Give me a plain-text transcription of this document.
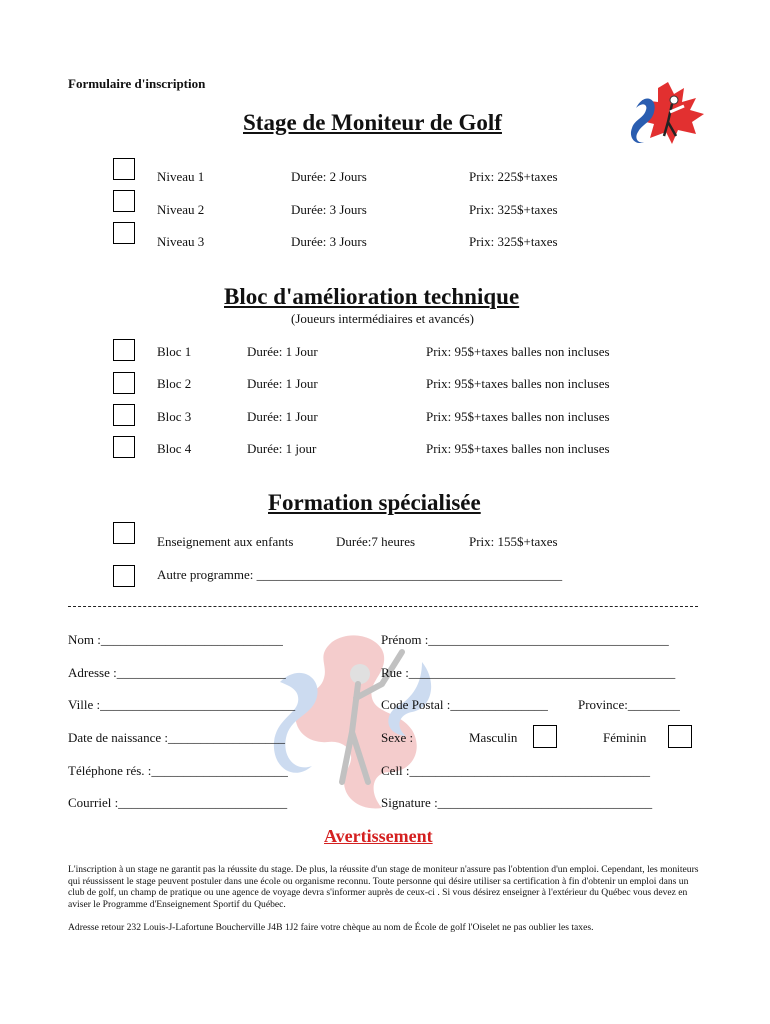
Formulaire d'inscription
Stage de Moniteur de Golf
Niveau 1	Durée: 2 Jours	Prix: 225$+taxes
Niveau 2	Durée: 3 Jours	Prix: 325$+taxes
Niveau 3	Durée: 3 Jours	Prix: 325$+taxes
Bloc d'amélioration technique
(Joueurs intermédiaires et avancés)
Bloc 1	Durée: 1 Jour	Prix: 95$+taxes balles non incluses
Bloc 2	Durée: 1 Jour	Prix: 95$+taxes balles non incluses
Bloc 3	Durée: 1 Jour	Prix: 95$+taxes balles non incluses
Bloc 4	Durée: 1 jour	Prix: 95$+taxes balles non incluses
Formation spécialisée
Enseignement aux enfants	Durée:7 heures	Prix: 155$+taxes
Autre programme: _______________________________________________
Nom :____________________________	Prénom :_____________________________________
Adresse :__________________________	Rue :_________________________________________
Ville :______________________________	Code Postal :_______________ Province:________
Date de naissance :__________________	Sexe :	Masculin	Féminin
Téléphone rés. :_____________________	Cell :_____________________________________
Courriel :__________________________	Signature :_________________________________
Avertissement
L'inscription à un stage ne garantit pas la réussite du stage. De plus, la réussite d'un stage de moniteur n'assure pas l'obtention d'un emploi. Cependant, les moniteurs qui réussissent le stage peuvent postuler dans une école ou organisme reconnu. Toute personne qui désire utiliser sa certification à fin d'obtenir un emploi dans un club de golf, un champ de pratique ou une agence de voyage devra s'informer auprès de ceux-ci . Si vous désirez enseigner à l'extérieur du Québec vous devez en aviser le Programme d'Enseignement Sportif du Québec.
Adresse retour 232 Louis-J-Lafortune Boucherville J4B 1J2 faire votre chèque au nom de École de golf l'Oiselet ne pas oublier les taxes.
